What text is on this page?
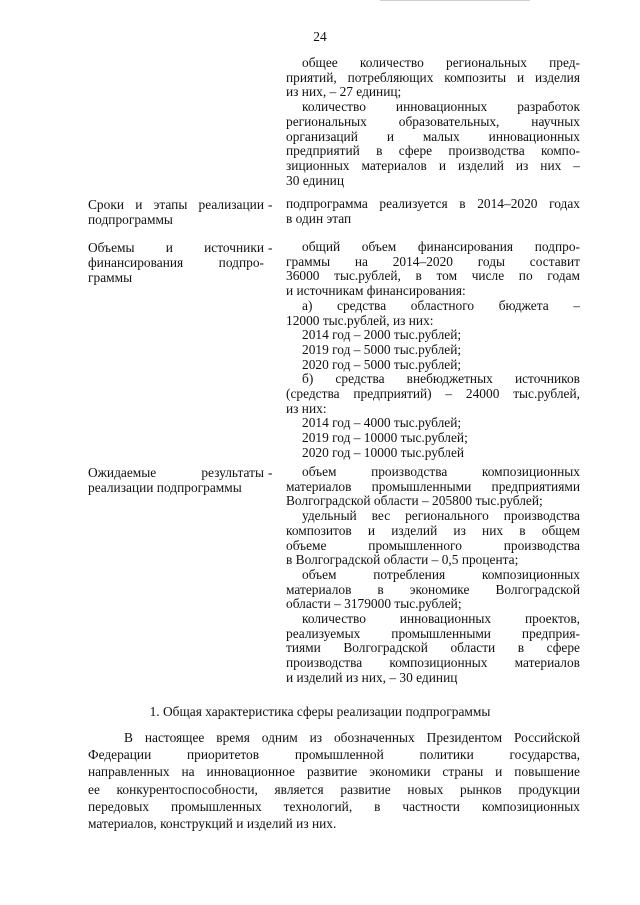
24
общее количество региональных пред-
приятий, потребляющих композиты и изделия
из них, – 27 единиц;
количество инновационных разработок
региональных образовательных, научных
организаций и малых инновационных
предприятий в сфере производства компо-
зиционных материалов и изделий из них –
30 единиц
Сроки и этапы реализации подпрограммы
- подпрограмма реализуется в 2014–2020 годах
в один этап
Объемы и источники финансирования подпро- граммы
-	общий объем финансирования подпро-
граммы на 2014–2020 годы составит
36000 тыс.рублей, в том числе по годам
и источникам финансирования:
а) средства областного бюджета –
12000 тыс.рублей, из них:
2014 год – 2000 тыс.рублей;
2019 год – 5000 тыс.рублей;
2020 год – 5000 тыс.рублей;
б) средства внебюджетных источников
(средства предприятий) – 24000 тыс.рублей,
из них:
2014 год – 4000 тыс.рублей;
2019 год – 10000 тыс.рублей;
2020 год – 10000 тыс.рублей
Ожидаемые результаты реализации подпрограммы
-	объем производства композиционных
материалов промышленными предприятиями
Волгоградской области – 205800 тыс.рублей;
удельный вес регионального производства
композитов и изделий из них в общем
объеме промышленного производства
в Волгоградской области – 0,5 процента;
объем потребления композиционных
материалов в экономике Волгоградской
области – 3179000 тыс.рублей;
количество инновационных проектов,
реализуемых промышленными предприя-
тиями Волгоградской области в сфере
производства композиционных материалов
и изделий из них, – 30 единиц
1. Общая характеристика сферы реализации подпрограммы
В настоящее время одним из обозначенных Президентом Российской
Федерации приоритетов промышленной политики государства,
направленных на инновационное развитие экономики страны и повышение
ее конкурентоспособности, является развитие новых рынков продукции
передовых промышленных технологий, в частности композиционных
материалов, конструкций и изделий из них.
